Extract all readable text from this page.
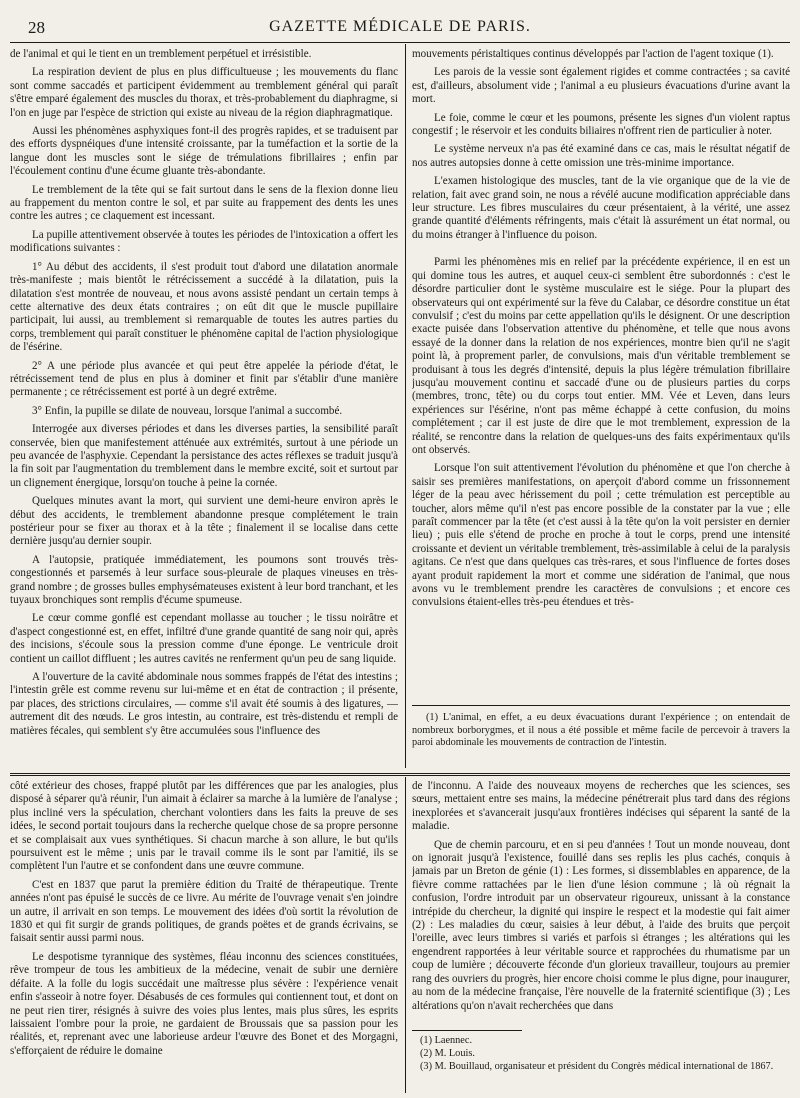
28	GAZETTE MÉDICALE DE PARIS.

de l'animal et qui le tient en un tremblement perpétuel et irrésistible.

La respiration devient de plus en plus difficultueuse ; les mouvements du flanc sont comme saccadés et participent évidemment au tremblement général qui paraît s'être emparé également des muscles du thorax, et très-probablement du diaphragme, si l'on en juge par l'espèce de striction qui existe au niveau de la région diaphragmatique.

Aussi les phénomènes asphyxiques font-il des progrès rapides, et se traduisent par des efforts dyspnéiques d'une intensité croissante, par la tuméfaction et la sortie de la langue dont les muscles sont le siége de trémulations fibrillaires ; enfin par l'écoulement continu d'une écume gluante très-abondante.

Le tremblement de la tête qui se fait surtout dans le sens de la flexion donne lieu au frappement du menton contre le sol, et par suite au frappement des dents les unes contre les autres ; ce claquement est incessant.

La pupille attentivement observée à toutes les périodes de l'intoxication a offert les modifications suivantes :

1° Au début des accidents, il s'est produit tout d'abord une dilatation anormale très-manifeste ; mais bientôt le rétrécissement a succédé à la dilatation, puis la dilatation s'est montrée de nouveau, et nous avons assisté pendant un certain temps à cette alternative des deux états contraires ; on eût dit que le muscle pupillaire participait, lui aussi, au tremblement si remarquable de toutes les autres parties du corps, tremblement qui paraît constituer le phénomène capital de l'action physiologique de l'ésérine.

2° A une période plus avancée et qui peut être appelée la période d'état, le rétrécissement tend de plus en plus à dominer et finit par s'établir d'une manière permanente ; ce rétrécissement est porté à un degré extrême.

3° Enfin, la pupille se dilate de nouveau, lorsque l'animal a succombé.

Interrogée aux diverses périodes et dans les diverses parties, la sensibilité paraît conservée, bien que manifestement atténuée aux extrémités, surtout à une période un peu avancée de l'asphyxie. Cependant la persistance des actes réflexes se traduit jusqu'à la fin soit par l'augmentation du tremblement dans le membre excité, soit et surtout par un clignement énergique, lorsqu'on touche à peine la cornée.

Quelques minutes avant la mort, qui survient une demi-heure environ après le début des accidents, le tremblement abandonne presque complétement le train postérieur pour se fixer au thorax et à la tête ; finalement il se localise dans cette dernière jusqu'au dernier soupir.

A l'autopsie, pratiquée immédiatement, les poumons sont trouvés très-congestionnés et parsemés à leur surface sous-pleurale de plaques vineuses en très-grand nombre ; de grosses bulles emphysémateuses existent à leur bord tranchant, et les tuyaux bronchiques sont remplis d'écume spumeuse.

Le cœur comme gonflé est cependant mollasse au toucher ; le tissu noirâtre et d'aspect congestionné est, en effet, infiltré d'une grande quantité de sang noir qui, après des incisions, s'écoule sous la pression comme d'une éponge. Le ventricule droit contient un caillot diffluent ; les autres cavités ne renferment qu'un peu de sang liquide.

A l'ouverture de la cavité abdominale nous sommes frappés de l'état des intestins ; l'intestin grêle est comme revenu sur lui-même et en état de contraction ; il présente, par places, des strictions circulaires, — comme s'il avait été soumis à des ligatures, — autrement dit des nœuds. Le gros intestin, au contraire, est très-distendu et rempli de matières fécales, qui semblent s'y être accumulées sous l'influence des

mouvements péristaltiques continus développés par l'action de l'agent toxique (1).

Les parois de la vessie sont également rigides et comme contractées ; sa cavité est, d'ailleurs, absolument vide ; l'animal a eu plusieurs évacuations d'urine avant la mort.

Le foie, comme le cœur et les poumons, présente les signes d'un violent raptus congestif ; le réservoir et les conduits biliaires n'offrent rien de particulier à noter.

Le système nerveux n'a pas été examiné dans ce cas, mais le résultat négatif de nos autres autopsies donne à cette omission une très-minime importance.

L'examen histologique des muscles, tant de la vie organique que de la vie de relation, fait avec grand soin, ne nous a révélé aucune modification appréciable dans leur structure. Les fibres musculaires du cœur présentaient, à la vérité, une assez grande quantité d'éléments réfringents, mais c'était là assurément un état normal, ou du moins étranger à l'influence du poison.

Parmi les phénomènes mis en relief par la précédente expérience, il en est un qui domine tous les autres, et auquel ceux-ci semblent être subordonnés : c'est le désordre particulier dont le système musculaire est le siége. Pour la plupart des observateurs qui ont expérimenté sur la fève du Calabar, ce désordre constitue un état convulsif ; c'est du moins par cette appellation qu'ils le désignent. Or une description exacte puisée dans l'observation attentive du phénomène, et telle que nous avons essayé de la donner dans la relation de nos expériences, montre bien qu'il ne s'agit point là, à proprement parler, de convulsions, mais d'un véritable tremblement se produisant à tous les degrés d'intensité, depuis la plus légère trémulation fibrillaire jusqu'au mouvement continu et saccadé d'une ou de plusieurs parties du corps (membres, tronc, tête) ou du corps tout entier. MM. Vée et Leven, dans leurs expériences sur l'ésérine, n'ont pas même échappé à cette confusion, du moins complétement ; car il est juste de dire que le mot tremblement, expression de la réalité, se rencontre dans la relation de quelques-uns des faits expérimentaux qu'ils ont observés.

Lorsque l'on suit attentivement l'évolution du phénomène et que l'on cherche à saisir ses premières manifestations, on aperçoit d'abord comme un frissonnement léger de la peau avec hérissement du poil ; cette trémulation est perceptible au toucher, alors même qu'il n'est pas encore possible de la constater par la vue ; elle paraît commencer par la tête (et c'est aussi à la tête qu'on la voit persister en dernier lieu) ; puis elle s'étend de proche en proche à tout le corps, prend une intensité croissante et devient un véritable tremblement, très-assimilable à celui de la paralysis agitans. Ce n'est que dans quelques cas très-rares, et sous l'influence de fortes doses ayant produit rapidement la mort et comme une sidération de l'animal, que nous avons vu le tremblement prendre les caractères de convulsions ; et encore ces convulsions étaient-elles très-peu étendues et très-

(1) L'animal, en effet, a eu deux évacuations durant l'expérience ; on entendait de nombreux borborygmes, et il nous a été possible et même facile de percevoir à travers la paroi abdominale les mouvements de contraction de l'intestin.

côté extérieur des choses, frappé plutôt par les différences que par les analogies, plus disposé à séparer qu'à réunir, l'un aimait à éclairer sa marche à la lumière de l'analyse ; plus incliné vers la spéculation, cherchant volontiers dans les faits la preuve de ses idées, le second portait toujours dans la recherche quelque chose de sa propre personne et se complaisait aux vues synthétiques. Si chacun marche à son allure, le but qu'ils poursuivent est le même ; unis par le travail comme ils le sont par l'amitié, ils se complètent l'un l'autre et se confondent dans une œuvre commune.

C'est en 1837 que parut la première édition du Traité de thérapeutique. Trente années n'ont pas épuisé le succès de ce livre. Au mérite de l'ouvrage venait s'en joindre un autre, il arrivait en son temps. Le mouvement des idées d'où sortit la révolution de 1830 et qui fit surgir de grands politiques, de grands poëtes et de grands écrivains, se faisait sentir aussi parmi nous.

Le despotisme tyrannique des systèmes, fléau inconnu des sciences constituées, rêve trompeur de tous les ambitieux de la médecine, venait de subir une dernière défaite. A la folle du logis succédait une maîtresse plus sévère : l'expérience venait enfin s'asseoir à notre foyer. Désabusés de ces formules qui contiennent tout, et dont on ne peut rien tirer, résignés à suivre des voies plus lentes, mais plus sûres, les esprits laissaient l'ombre pour la proie, ne gardaient de Broussais que sa passion pour les réalités, et, reprenant avec une laborieuse ardeur l'œuvre des Bonet et des Morgagni, s'efforçaient de réduire le domaine

de l'inconnu. A l'aide des nouveaux moyens de recherches que les sciences, ses sœurs, mettaient entre ses mains, la médecine pénétrerait plus tard dans des régions inexplorées et s'avancerait jusqu'aux frontières indécises qui séparent la santé de la maladie.

Que de chemin parcouru, et en si peu d'années ! Tout un monde nouveau, dont on ignorait jusqu'à l'existence, fouillé dans ses replis les plus cachés, conquis à jamais par un Breton de génie (1) : Les formes, si dissemblables en apparence, de la fièvre comme rattachées par le lien d'une lésion commune ; là où régnait la confusion, l'ordre introduit par un observateur rigoureux, unissant à la constance intrépide du chercheur, la dignité qui inspire le respect et la modestie qui fait aimer (2) : Les maladies du cœur, saisies à leur début, à l'aide des bruits que perçoit l'oreille, avec leurs timbres si variés et parfois si étranges ; les altérations qui les engendrent rapportées à leur véritable source et rapprochées du rhumatisme par un coup de lumière ; découverte féconde d'un glorieux travailleur, toujours au premier rang des ouvriers du progrès, hier encore choisi comme le plus digne, pour inaugurer, au nom de la médecine française, l'ère nouvelle de la fraternité scientifique (3) ; Les altérations qu'on n'avait recherchées que dans

(1) Laennec.
(2) M. Louis.
(3) M. Bouillaud, organisateur et président du Congrès médical international de 1867.
